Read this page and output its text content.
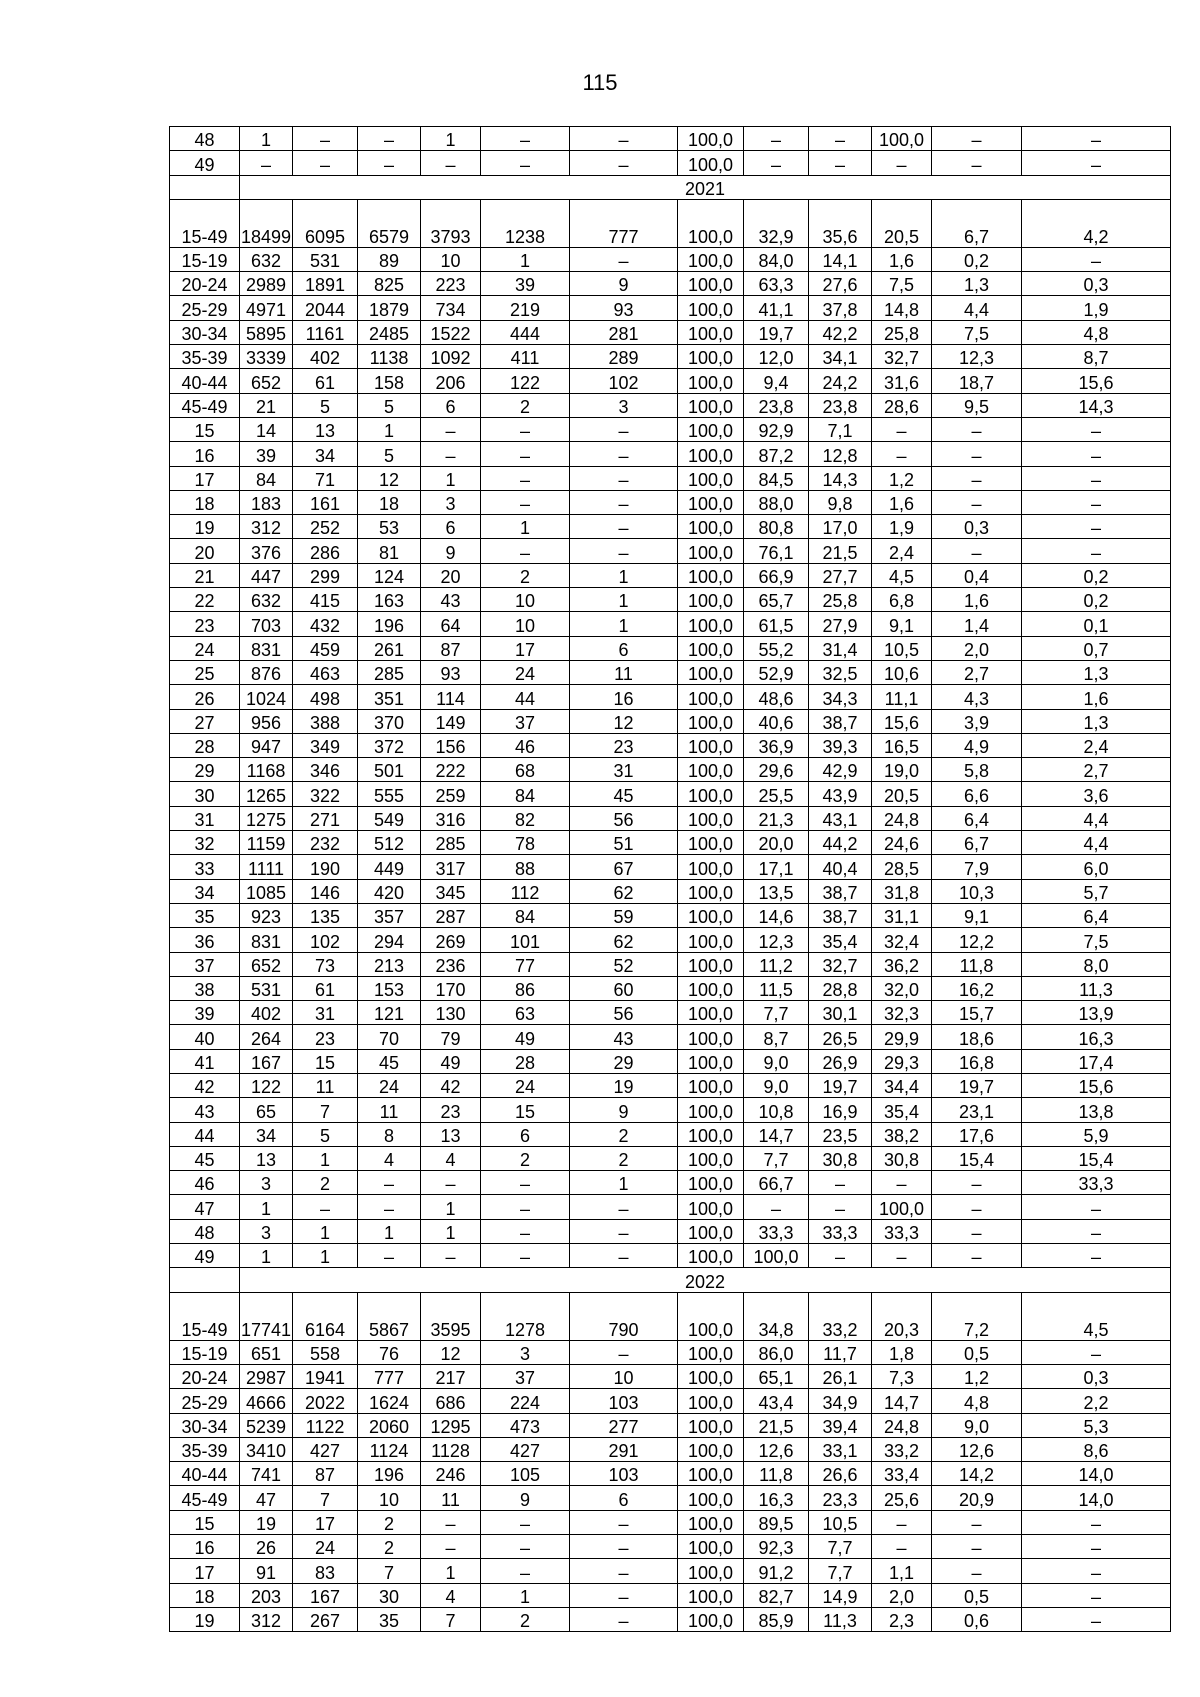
115
48	1	–	–	1	–	–	100,0	–	–	100,0	–	–
49	–	–	–	–	–	–	100,0	–	–	–	–	–
	2021											
15-49	18499	6095	6579	3793	1238	777	100,0	32,9	35,6	20,5	6,7	4,2
15-19	632	531	89	10	1	–	100,0	84,0	14,1	1,6	0,2	–
20-24	2989	1891	825	223	39	9	100,0	63,3	27,6	7,5	1,3	0,3
25-29	4971	2044	1879	734	219	93	100,0	41,1	37,8	14,8	4,4	1,9
30-34	5895	1161	2485	1522	444	281	100,0	19,7	42,2	25,8	7,5	4,8
35-39	3339	402	1138	1092	411	289	100,0	12,0	34,1	32,7	12,3	8,7
40-44	652	61	158	206	122	102	100,0	9,4	24,2	31,6	18,7	15,6
45-49	21	5	5	6	2	3	100,0	23,8	23,8	28,6	9,5	14,3
15	14	13	1	–	–	–	100,0	92,9	7,1	–	–	–
16	39	34	5	–	–	–	100,0	87,2	12,8	–	–	–
17	84	71	12	1	–	–	100,0	84,5	14,3	1,2	–	–
18	183	161	18	3	–	–	100,0	88,0	9,8	1,6	–	–
19	312	252	53	6	1	–	100,0	80,8	17,0	1,9	0,3	–
20	376	286	81	9	–	–	100,0	76,1	21,5	2,4	–	–
21	447	299	124	20	2	1	100,0	66,9	27,7	4,5	0,4	0,2
22	632	415	163	43	10	1	100,0	65,7	25,8	6,8	1,6	0,2
23	703	432	196	64	10	1	100,0	61,5	27,9	9,1	1,4	0,1
24	831	459	261	87	17	6	100,0	55,2	31,4	10,5	2,0	0,7
25	876	463	285	93	24	11	100,0	52,9	32,5	10,6	2,7	1,3
26	1024	498	351	114	44	16	100,0	48,6	34,3	11,1	4,3	1,6
27	956	388	370	149	37	12	100,0	40,6	38,7	15,6	3,9	1,3
28	947	349	372	156	46	23	100,0	36,9	39,3	16,5	4,9	2,4
29	1168	346	501	222	68	31	100,0	29,6	42,9	19,0	5,8	2,7
30	1265	322	555	259	84	45	100,0	25,5	43,9	20,5	6,6	3,6
31	1275	271	549	316	82	56	100,0	21,3	43,1	24,8	6,4	4,4
32	1159	232	512	285	78	51	100,0	20,0	44,2	24,6	6,7	4,4
33	1111	190	449	317	88	67	100,0	17,1	40,4	28,5	7,9	6,0
34	1085	146	420	345	112	62	100,0	13,5	38,7	31,8	10,3	5,7
35	923	135	357	287	84	59	100,0	14,6	38,7	31,1	9,1	6,4
36	831	102	294	269	101	62	100,0	12,3	35,4	32,4	12,2	7,5
37	652	73	213	236	77	52	100,0	11,2	32,7	36,2	11,8	8,0
38	531	61	153	170	86	60	100,0	11,5	28,8	32,0	16,2	11,3
39	402	31	121	130	63	56	100,0	7,7	30,1	32,3	15,7	13,9
40	264	23	70	79	49	43	100,0	8,7	26,5	29,9	18,6	16,3
41	167	15	45	49	28	29	100,0	9,0	26,9	29,3	16,8	17,4
42	122	11	24	42	24	19	100,0	9,0	19,7	34,4	19,7	15,6
43	65	7	11	23	15	9	100,0	10,8	16,9	35,4	23,1	13,8
44	34	5	8	13	6	2	100,0	14,7	23,5	38,2	17,6	5,9
45	13	1	4	4	2	2	100,0	7,7	30,8	30,8	15,4	15,4
46	3	2	–	–	–	1	100,0	66,7	–	–	–	33,3
47	1	–	–	1	–	–	100,0	–	–	100,0	–	–
48	3	1	1	1	–	–	100,0	33,3	33,3	33,3	–	–
49	1	1	–	–	–	–	100,0	100,0	–	–	–	–
	2022											
15-49	17741	6164	5867	3595	1278	790	100,0	34,8	33,2	20,3	7,2	4,5
15-19	651	558	76	12	3	–	100,0	86,0	11,7	1,8	0,5	–
20-24	2987	1941	777	217	37	10	100,0	65,1	26,1	7,3	1,2	0,3
25-29	4666	2022	1624	686	224	103	100,0	43,4	34,9	14,7	4,8	2,2
30-34	5239	1122	2060	1295	473	277	100,0	21,5	39,4	24,8	9,0	5,3
35-39	3410	427	1124	1128	427	291	100,0	12,6	33,1	33,2	12,6	8,6
40-44	741	87	196	246	105	103	100,0	11,8	26,6	33,4	14,2	14,0
45-49	47	7	10	11	9	6	100,0	16,3	23,3	25,6	20,9	14,0
15	19	17	2	–	–	–	100,0	89,5	10,5	–	–	–
16	26	24	2	–	–	–	100,0	92,3	7,7	–	–	–
17	91	83	7	1	–	–	100,0	91,2	7,7	1,1	–	–
18	203	167	30	4	1	–	100,0	82,7	14,9	2,0	0,5	–
19	312	267	35	7	2	–	100,0	85,9	11,3	2,3	0,6	–
